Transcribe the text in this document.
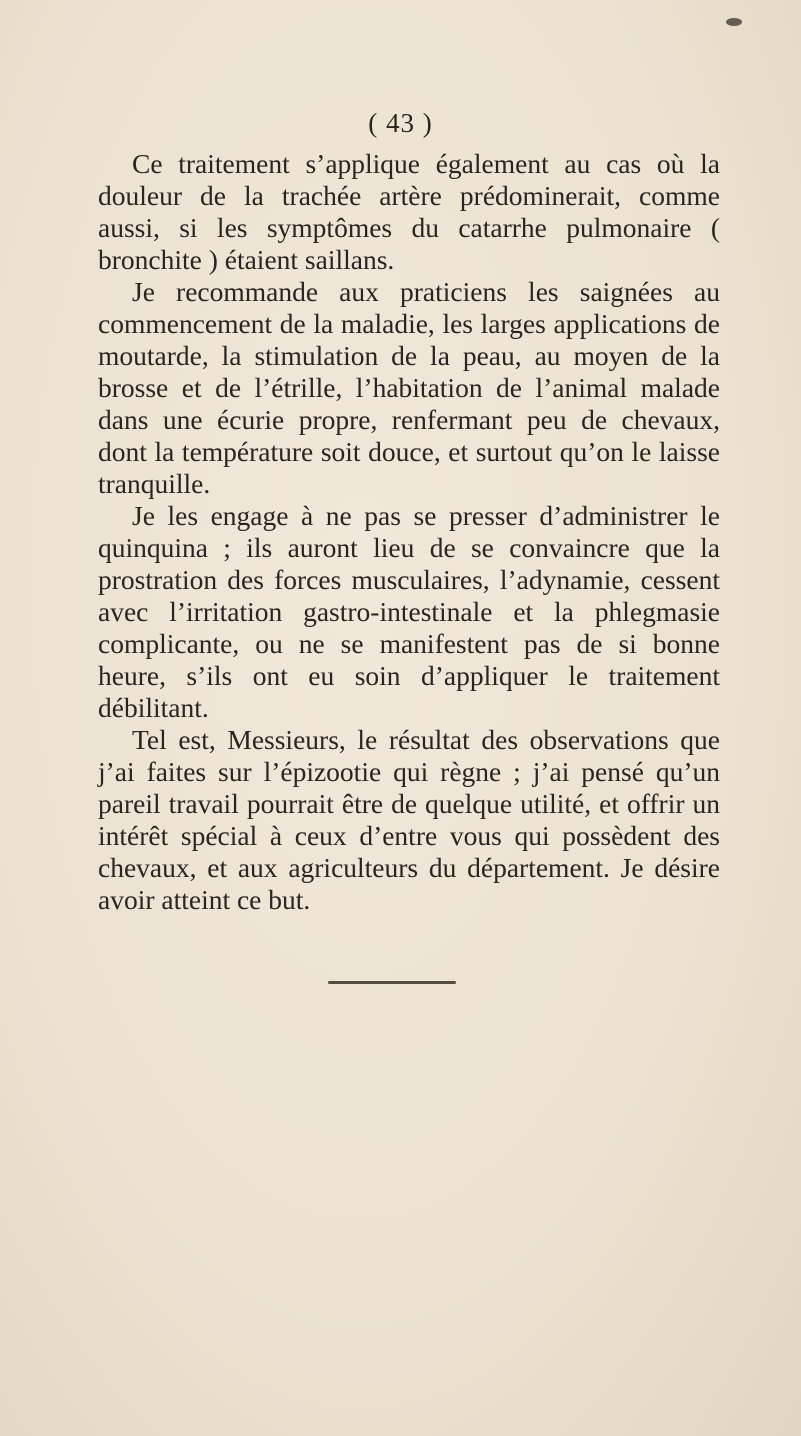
( 43 )

Ce traitement s’applique également au cas où la douleur de la trachée artère prédominerait, comme aussi, si les symptômes du catarrhe pulmonaire ( bronchite ) étaient saillans.

Je recommande aux praticiens les saignées au commencement de la maladie, les larges applications de moutarde, la stimulation de la peau, au moyen de la brosse et de l’étrille, l’habitation de l’animal malade dans une écurie propre, renfermant peu de chevaux, dont la température soit douce, et surtout qu’on le laisse tranquille.

Je les engage à ne pas se presser d’administrer le quinquina ; ils auront lieu de se convaincre que la prostration des forces musculaires, l’adynamie, cessent avec l’irritation gastro-intestinale et la phlegmasie complicante, ou ne se manifestent pas de si bonne heure, s’ils ont eu soin d’appliquer le traitement débilitant.

Tel est, Messieurs, le résultat des observations que j’ai faites sur l’épizootie qui règne ; j’ai pensé qu’un pareil travail pourrait être de quelque utilité, et offrir un intérêt spécial à ceux d’entre vous qui possèdent des chevaux, et aux agriculteurs du département. Je désire avoir atteint ce but.
